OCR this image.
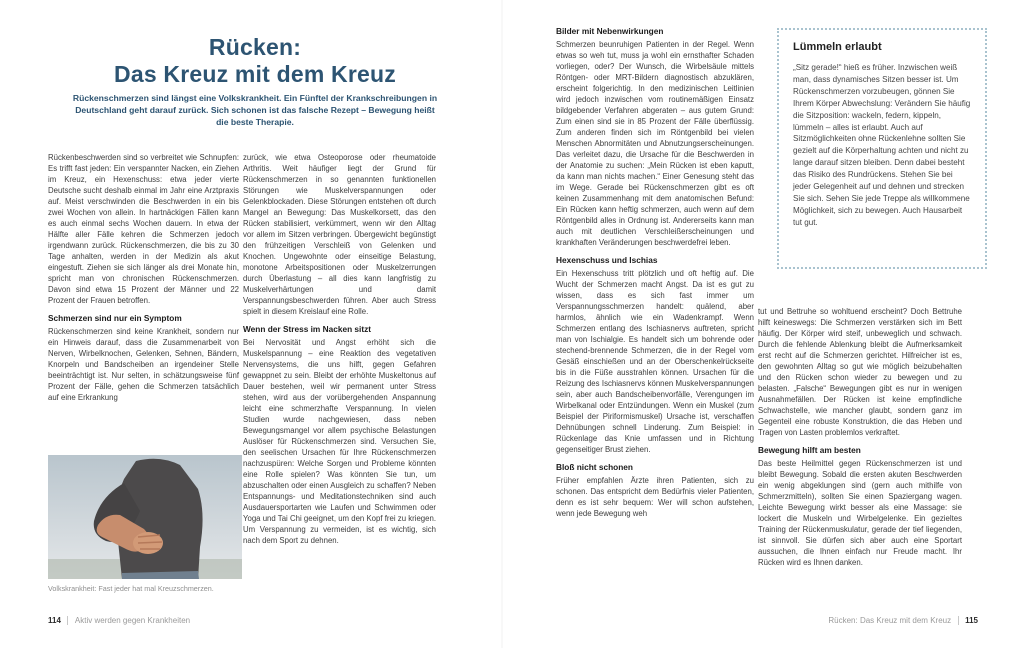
Rücken:
Das Kreuz mit dem Kreuz
Rückenschmerzen sind längst eine Volkskrankheit. Ein Fünftel der Krankschreibungen in Deutschland geht darauf zurück. Sich schonen ist das falsche Rezept – Bewegung heißt die beste Therapie.

Rückenbeschwerden sind so verbreitet wie Schnupfen: Es trifft fast jeden: Ein verspannter Nacken, ein Ziehen im Kreuz, ein Hexenschuss: etwa jeder vierte Deutsche sucht deshalb einmal im Jahr eine Arztpraxis auf. Meist verschwinden die Beschwerden in ein bis zwei Wochen von allein. In hartnäckigen Fällen kann es auch einmal sechs Wochen dauern. In etwa der Hälfte aller Fälle kehren die Schmerzen jedoch irgendwann zurück. Rückenschmerzen, die bis zu 30 Tage anhalten, werden in der Medizin als akut eingestuft. Ziehen sie sich länger als drei Monate hin, spricht man von chronischen Rückenschmerzen. Davon sind etwa 15 Prozent der Männer und 22 Prozent der Frauen betroffen.

Schmerzen sind nur ein Symptom

Rückenschmerzen sind keine Krankheit, sondern nur ein Hinweis darauf, dass die Zusammenarbeit von Nerven, Wirbelknochen, Gelenken, Sehnen, Bändern, Knorpeln und Bandscheiben an irgendeiner Stelle beeinträchtigt ist. Nur selten, in schätzungsweise fünf Prozent der Fälle, gehen die Schmerzen tatsächlich auf eine Erkrankung

zurück, wie etwa Osteoporose oder rheumatoide Arthritis. Weit häufiger liegt der Grund für Rückenschmerzen in so genannten funktionellen Störungen wie Muskelverspannungen oder Gelenkblockaden. Diese Störungen entstehen oft durch Mangel an Bewegung: Das Muskelkorsett, das den Rücken stabilisiert, verkümmert, wenn wir den Alltag vor allem im Sitzen verbringen. Übergewicht begünstigt den frühzeitigen Verschleiß von Gelenken und Knochen. Ungewohnte oder einseitige Belastung, monotone Arbeitspositionen oder Muskelzerrungen durch Überlastung – all dies kann langfristig zu Muskelverhärtungen und damit Verspannungsbeschwerden führen. Aber auch Stress spielt in diesem Kreislauf eine Rolle.

Wenn der Stress im Nacken sitzt

Bei Nervosität und Angst erhöht sich die Muskelspannung – eine Reaktion des vegetativen Nervensystems, die uns hilft, gegen Gefahren gewappnet zu sein. Bleibt der erhöhte Muskeltonus auf Dauer bestehen, weil wir permanent unter Stress stehen, wird aus der vorübergehenden Anspannung leicht eine schmerzhafte Verspannung. In vielen Studien wurde nachgewiesen, dass neben Bewegungsmangel vor allem psychische Belastungen Auslöser für Rückenschmerzen sind. Versuchen Sie, den seelischen Ursachen für Ihre Rückenschmerzen nachzuspüren: Welche Sorgen und Probleme könnten eine Rolle spielen? Was könnten Sie tun, um abzuschalten oder einen Ausgleich zu schaffen? Neben Entspannungs- und Meditationstechniken sind auch Ausdauersportarten wie Laufen und Schwimmen oder Yoga und Tai Chi geeignet, um den Kopf frei zu kriegen. Um Verspannung zu vermeiden, ist es wichtig, sich nach dem Sport zu dehnen.

Volkskrankheit: Fast jeder hat mal Kreuzschmerzen.
114 Aktiv werden gegen Krankheiten
Bilder mit Nebenwirkungen

Schmerzen beunruhigen Patienten in der Regel. Wenn etwas so weh tut, muss ja wohl ein ernsthafter Schaden vorliegen, oder? Der Wunsch, die Wirbelsäule mittels Röntgen- oder MRT-Bildern diagnostisch abzuklären, erscheint folgerichtig. In den medizinischen Leitlinien wird jedoch inzwischen vom routinemäßigen Einsatz bildgebender Verfahren abgeraten – aus gutem Grund: Zum einen sind sie in 85 Prozent der Fälle überflüssig. Zum anderen finden sich im Röntgenbild bei vielen Menschen Abnormitäten und Abnutzungserscheinungen. Das verleitet dazu, die Ursache für die Beschwerden in der Anatomie zu suchen: „Mein Rücken ist eben kaputt, da kann man nichts machen.“ Einer Genesung steht das im Wege. Gerade bei Rückenschmerzen gibt es oft keinen Zusammenhang mit dem anatomischen Befund: Ein Rücken kann heftig schmerzen, auch wenn auf dem Röntgenbild alles in Ordnung ist. Andererseits kann man auch mit deutlichen Verschleißerscheinungen und krankhaften Veränderungen beschwerdefrei leben.

Hexenschuss und Ischias

Ein Hexenschuss tritt plötzlich und oft heftig auf. Die Wucht der Schmerzen macht Angst. Da ist es gut zu wissen, dass es sich fast immer um Verspannungsschmerzen handelt: quälend, aber harmlos, ähnlich wie ein Wadenkrampf. Wenn Schmerzen entlang des Ischiasnervs auftreten, spricht man von Ischialgie. Es handelt sich um bohrende oder stechend-brennende Schmerzen, die in der Regel vom Gesäß einschießen und an der Oberschenkelrückseite bis in die Füße ausstrahlen können. Ursachen für die Reizung des Ischiasnervs können Muskelverspannungen sein, aber auch Bandscheibenvorfälle, Verengungen im Wirbelkanal oder Entzündungen. Wenn ein Muskel (zum Beispiel der Piriformismuskel) Ursache ist, verschaffen Dehnübungen schnell Linderung. Zum Beispiel: in Rückenlage das Knie umfassen und in Richtung gegenseitiger Brust ziehen.

Bloß nicht schonen

Früher empfahlen Ärzte ihren Patienten, sich zu schonen. Das entspricht dem Bedürfnis vieler Patienten, denn es ist sehr bequem: Wer will schon aufstehen, wenn jede Bewegung weh

Lümmeln erlaubt
„Sitz gerade!“ hieß es früher. Inzwischen weiß man, dass dynamisches Sitzen besser ist. Um Rückenschmerzen vorzubeugen, gönnen Sie Ihrem Körper Abwechslung: Verändern Sie häufig die Sitzposition: wackeln, federn, kippeln, lümmeln – alles ist erlaubt. Auch auf Sitzmöglichkeiten ohne Rückenlehne sollten Sie gezielt auf die Körperhaltung achten und nicht zu lange darauf sitzen bleiben. Denn dabei besteht das Risiko des Rundrückens. Stehen Sie bei jeder Gelegenheit auf und dehnen und strecken Sie sich. Sehen Sie jede Treppe als willkommene Möglichkeit, sich zu bewegen. Auch Hausarbeit tut gut.

tut und Bettruhe so wohltuend erscheint? Doch Bettruhe hilft keineswegs: Die Schmerzen verstärken sich im Bett häufig. Der Körper wird steif, unbeweglich und schwach. Durch die fehlende Ablenkung bleibt die Aufmerksamkeit erst recht auf die Schmerzen gerichtet. Hilfreicher ist es, den gewohnten Alltag so gut wie möglich beizubehalten und den Rücken schon wieder zu bewegen und zu belasten. „Falsche“ Bewegungen gibt es nur in wenigen Ausnahmefällen. Der Rücken ist keine empfindliche Schwachstelle, wie mancher glaubt, sondern ganz im Gegenteil eine robuste Konstruktion, die das Heben und Tragen von Lasten problemlos verkraftet.

Bewegung hilft am besten

Das beste Heilmittel gegen Rückenschmerzen ist und bleibt Bewegung. Sobald die ersten akuten Beschwerden ein wenig abgeklungen sind (gern auch mithilfe von Schmerzmitteln), sollten Sie einen Spaziergang wagen. Leichte Bewegung wirkt besser als eine Massage: sie lockert die Muskeln und Wirbelgelenke. Ein gezieltes Training der Rückenmuskulatur, gerade der tief liegenden, ist sinnvoll. Sie dürfen sich aber auch eine Sportart aussuchen, die Ihnen einfach nur Freude macht. Ihr Rücken wird es Ihnen danken.

Rücken: Das Kreuz mit dem Kreuz 115
